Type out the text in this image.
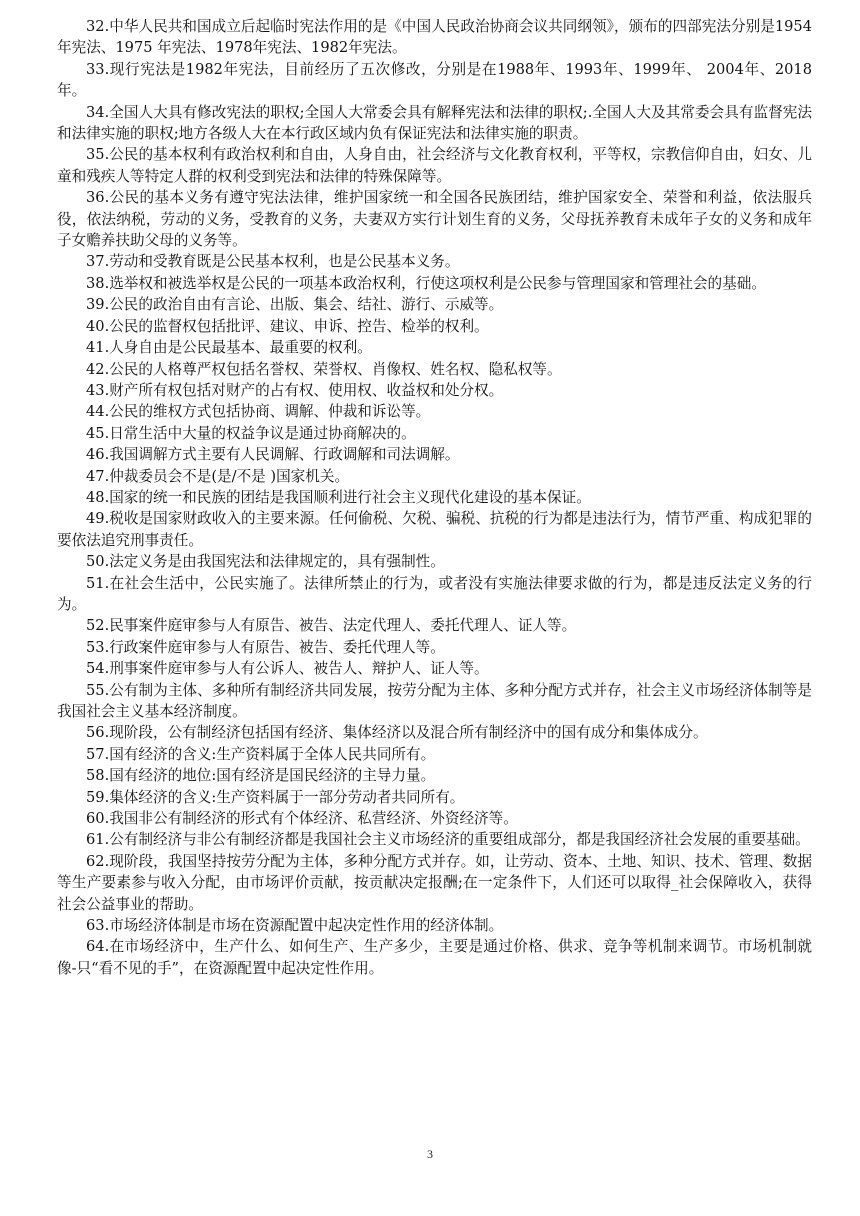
32.中华人民共和国成立后起临时宪法作用的是《中国人民政治协商会议共同纲领》，颁布的四部宪法分别是1954 年宪法、1975 年宪法、1978年宪法、1982年宪法。

33.现行宪法是1982年宪法，目前经历了五次修改，分别是在1988年、1993年、1999年、 2004年、2018年。

34.全国人大具有修改宪法的职权;全国人大常委会具有解释宪法和法律的职权;.全国人大及其常委会具有监督宪法和法律实施的职权;地方各级人大在本行政区域内负有保证宪法和法律实施的职责。

35.公民的基本权利有政治权利和自由，人身自由，社会经济与文化教育权利，平等权，宗教信仰自由，妇女、儿童和残疾人等特定人群的权利受到宪法和法律的特殊保障等。

36.公民的基本义务有遵守宪法法律，维护国家统一和全国各民族团结，维护国家安全、荣誉和利益，依法服兵役，依法纳税，劳动的义务，受教育的义务，夫妻双方实行计划生育的义务，父母抚养教育未成年子女的义务和成年子女赡养扶助父母的义务等。

37.劳动和受教育既是公民基本权利，也是公民基本义务。

38.选举权和被选举权是公民的一项基本政治权利，行使这项权利是公民参与管理国家和管理社会的基础。

39.公民的政治自由有言论、出版、集会、结社、游行、示威等。

40.公民的监督权包括批评、建议、申诉、控告、检举的权利。

41.人身自由是公民最基本、最重要的权利。

42.公民的人格尊严权包括名誉权、荣誉权、肖像权、姓名权、隐私权等。

43.财产所有权包括对财产的占有权、使用权、收益权和处分权。

44.公民的维权方式包括协商、调解、仲裁和诉讼等。

45.日常生活中大量的权益争议是通过协商解决的。

46.我国调解方式主要有人民调解、行政调解和司法调解。

47.仲裁委员会不是(是/不是 )国家机关。

48.国家的统一和民族的团结是我国顺利进行社会主义现代化建设的基本保证。

49.税收是国家财政收入的主要来源。任何偷税、欠税、骗税、抗税的行为都是违法行为，情节严重、构成犯罪的要依法追究刑事责任。

50.法定义务是由我国宪法和法律规定的，具有强制性。

51.在社会生活中，公民实施了。法律所禁止的行为，或者没有实施法律要求做的行为，都是违反法定义务的行为。

52.民事案件庭审参与人有原告、被告、法定代理人、委托代理人、证人等。

53.行政案件庭审参与人有原告、被告、委托代理人等。

54.刑事案件庭审参与人有公诉人、被告人、辩护人、证人等。

55.公有制为主体、多种所有制经济共同发展，按劳分配为主体、多种分配方式并存，社会主义市场经济体制等是我国社会主义基本经济制度。

56.现阶段，公有制经济包括国有经济、集体经济以及混合所有制经济中的国有成分和集体成分。

57.国有经济的含义:生产资料属于全体人民共同所有。

58.国有经济的地位:国有经济是国民经济的主导力量。

59.集体经济的含义:生产资料属于一部分劳动者共同所有。

60.我国非公有制经济的形式有个体经济、私营经济、外资经济等。

61.公有制经济与非公有制经济都是我国社会主义市场经济的重要组成部分，都是我国经济社会发展的重要基础。

62.现阶段，我国坚持按劳分配为主体，多种分配方式并存。如，让劳动、资本、土地、知识、技术、管理、数据等生产要素参与收入分配，由市场评价贡献，按贡献决定报酬;在一定条件下，人们还可以取得_社会保障收入，获得社会公益事业的帮助。

63.市场经济体制是市场在资源配置中起决定性作用的经济体制。

64.在市场经济中，生产什么、如何生产、生产多少，主要是通过价格、供求、竞争等机制来调节。市场机制就像-只“看不见的手”，在资源配置中起决定性作用。

3
